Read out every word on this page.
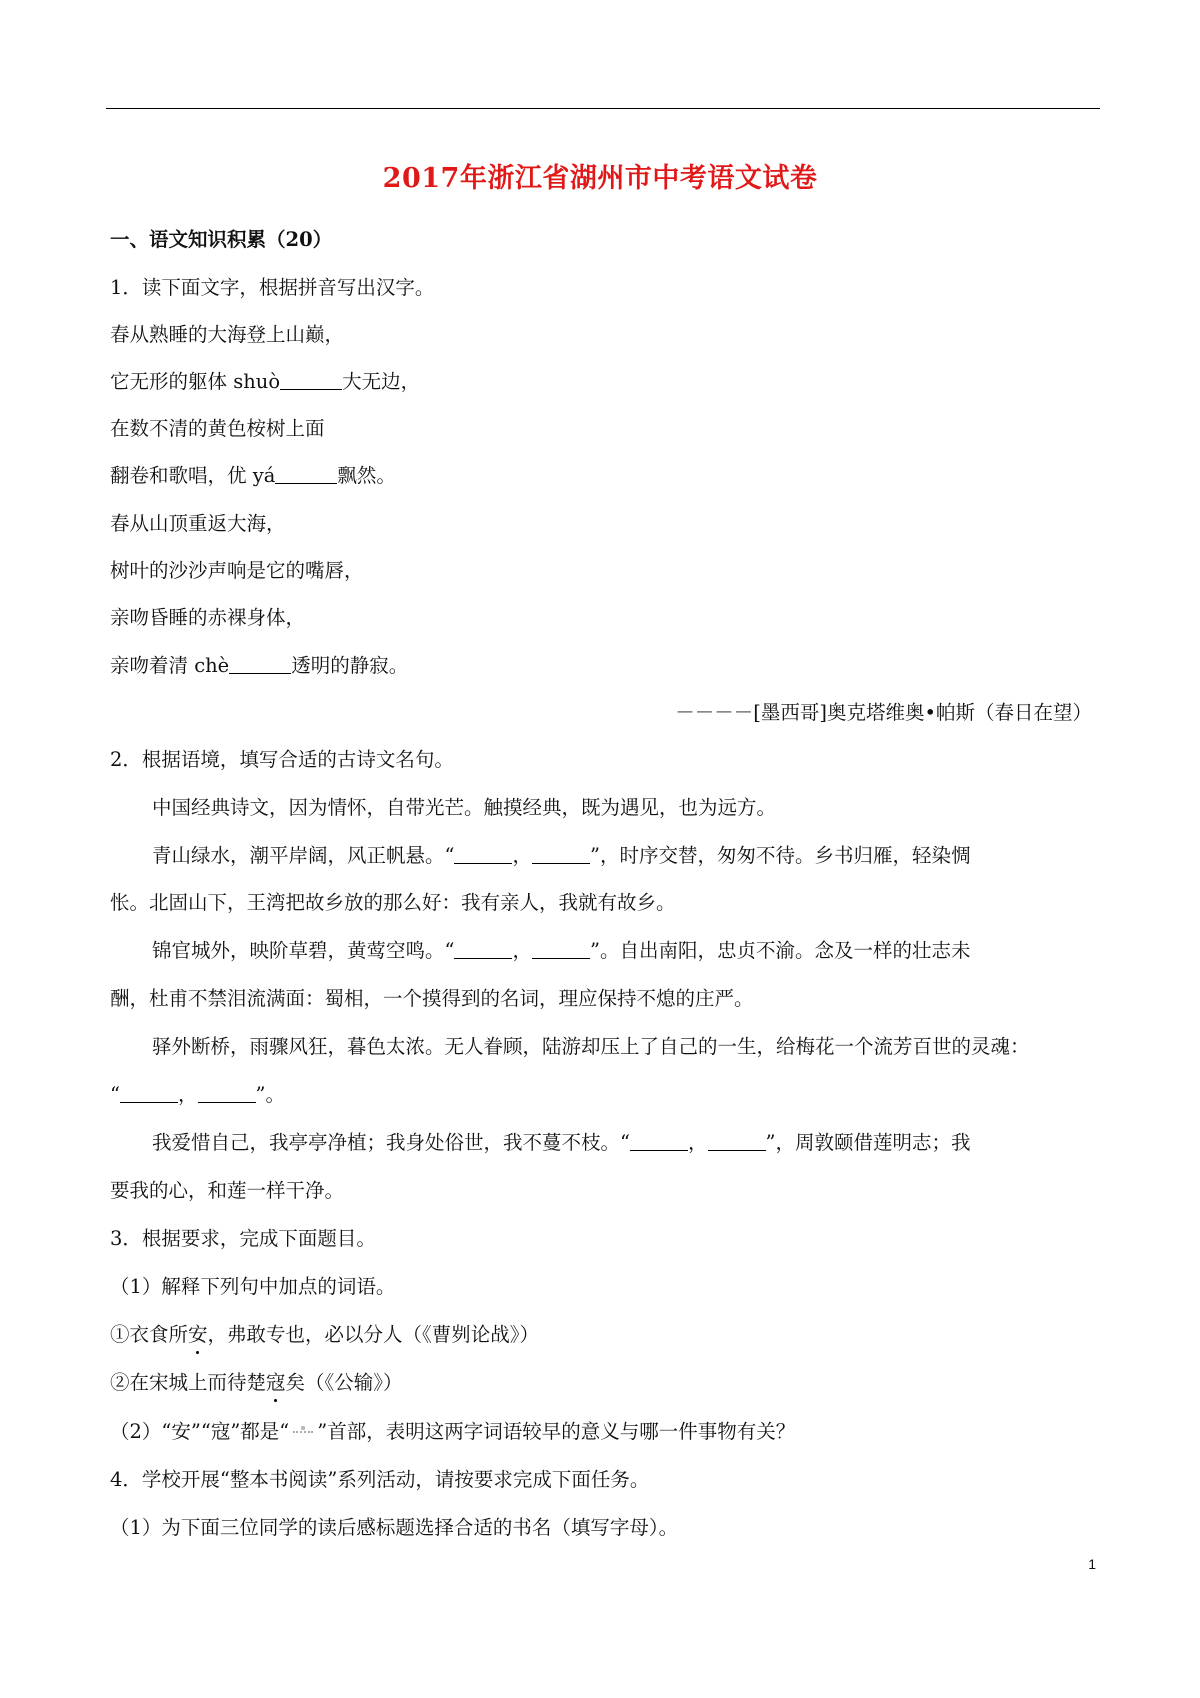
2017年浙江省湖州市中考语文试卷
一、语文知识积累（20）
1．读下面文字，根据拼音写出汉字。
春从熟睡的大海登上山巅，
它无形的躯体 shuò	大无边，
在数不清的黄色桉树上面
翻卷和歌唱，优 yá	飘然。
春从山顶重返大海，
树叶的沙沙声响是它的嘴唇，
亲吻昏睡的赤裸身体，
亲吻着清 chè	透明的静寂。
－－－－[墨西哥]奥克塔维奥•帕斯（春日在望）
2．根据语境，填写合适的古诗文名句。
中国经典诗文，因为情怀，自带光芒。触摸经典，既为遇见，也为远方。
青山绿水，潮平岸阔，风正帆悬。“	，	”，时序交替，匆匆不待。乡书归雁，轻染惆
怅。北固山下，王湾把故乡放的那么好：我有亲人，我就有故乡。
锦官城外，映阶草碧，黄莺空鸣。“	，	”。自出南阳，忠贞不渝。念及一样的壮志未
酬，杜甫不禁泪流满面：蜀相，一个摸得到的名词，理应保持不熄的庄严。
驿外断桥，雨骤风狂，暮色太浓。无人眷顾，陆游却压上了自己的一生，给梅花一个流芳百世的灵魂：
“	，	”。
我爱惜自己，我亭亭净植；我身处俗世，我不蔓不枝。“	，	”，周敦颐借莲明志；我
要我的心，和莲一样干净。
3．根据要求，完成下面题目。
（1）解释下列句中加点的词语。
①衣食所安，弗敢专也，必以分人（《曹刿论战》）
②在宋城上而待楚寇矣（《公输》）
（2）“安”“寇”都是“ ”首部，表明这两字词语较早的意义与哪一件事物有关？
4．学校开展“整本书阅读”系列活动，请按要求完成下面任务。
（1）为下面三位同学的读后感标题选择合适的书名（填写字母）。
1
